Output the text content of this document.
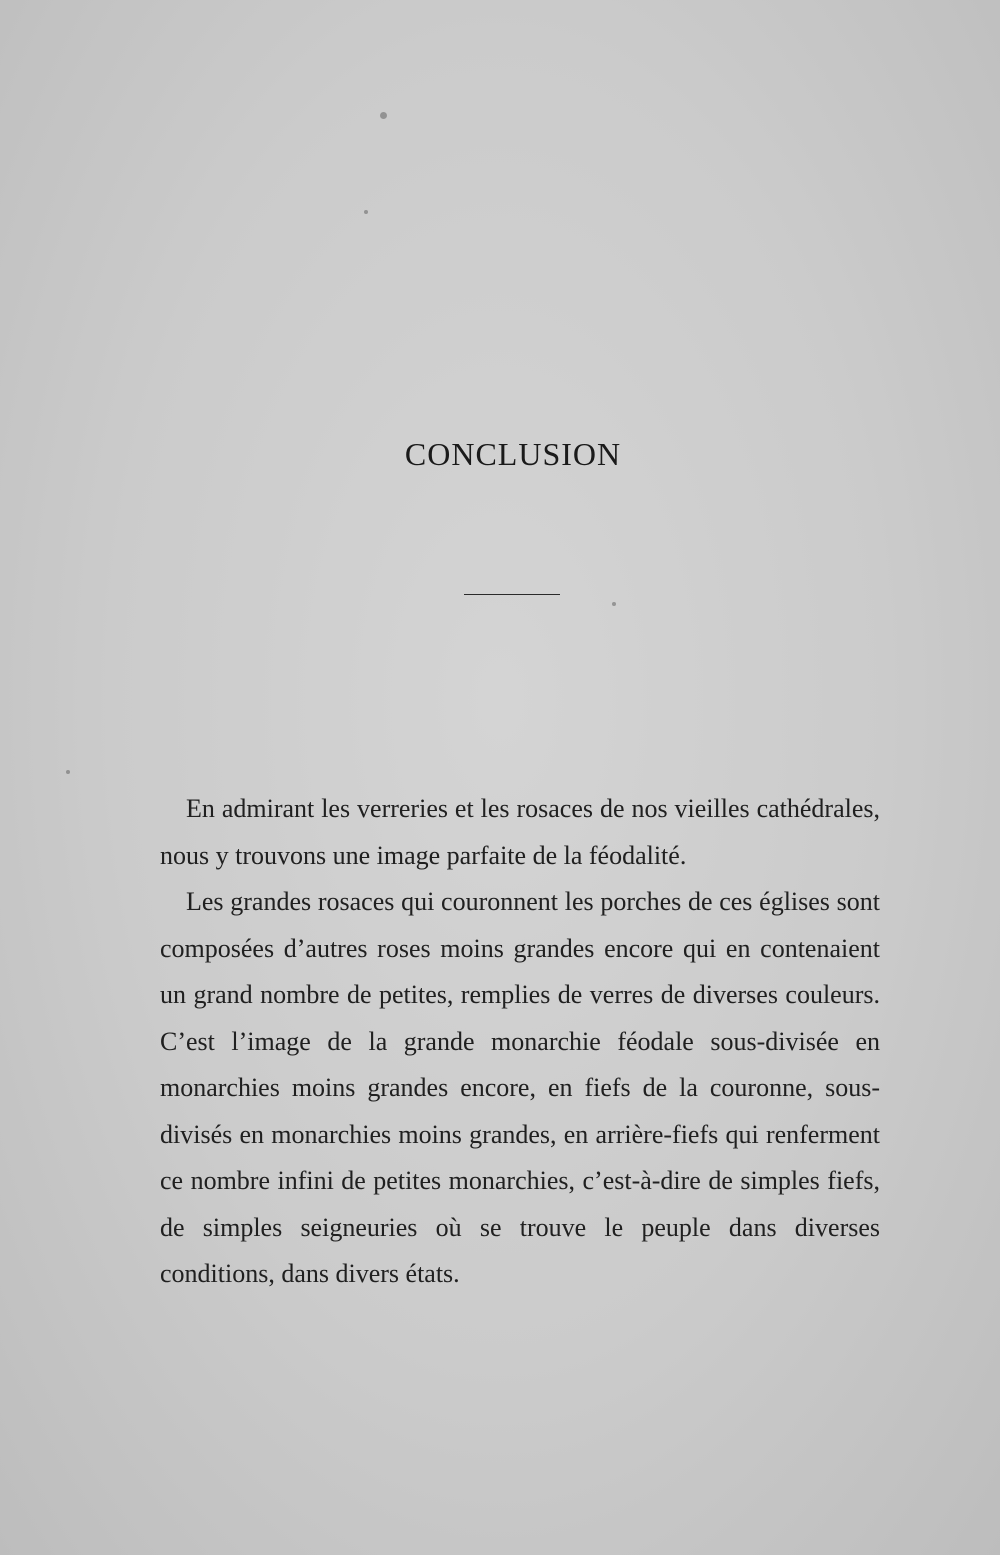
CONCLUSION

En admirant les verreries et les rosaces de nos vieilles cathédrales, nous y trouvons une image parfaite de la féodalité.

Les grandes rosaces qui couronnent les porches de ces églises sont composées d’autres roses moins grandes encore qui en contenaient un grand nombre de petites, remplies de verres de diverses couleurs. C’est l’image de la grande monarchie féodale sous-divisée en monarchies moins grandes encore, en fiefs de la couronne, sous-divisés en monarchies moins grandes, en arrière-fiefs qui renferment ce nombre infini de petites monarchies, c’est-à-dire de simples fiefs, de simples seigneuries où se trouve le peuple dans diverses conditions, dans divers états.
